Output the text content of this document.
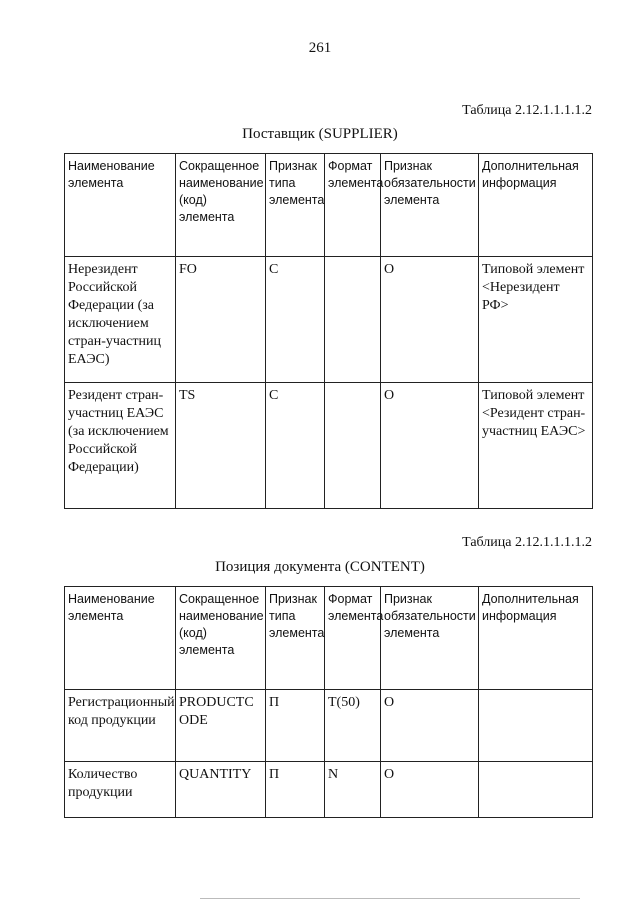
261
Таблица 2.12.1.1.1.1.2
Поставщик (SUPPLIER)
Наименование элемента	Сокращенное наименование (код) элемента	Признак типа элемента	Формат элемента	Признак обязательности элемента	Дополнительная информация
Нерезидент Российской Федерации (за исключением стран-участниц ЕАЭС)	FO	С		О	Типовой элемент <Нерезидент РФ>
Резидент стран-участниц ЕАЭС (за исключением Российской Федерации)	TS	С		О	Типовой элемент <Резидент стран-участниц ЕАЭС>
Таблица 2.12.1.1.1.1.2
Позиция документа (CONTENT)
Наименование элемента	Сокращенное наименование (код) элемента	Признак типа элемента	Формат элемента	Признак обязательности элемента	Дополнительная информация
Регистрационный код продукции	PRODUCTCODE	П	T(50)	О	
Количество продукции	QUANTITY	П	N	О	
